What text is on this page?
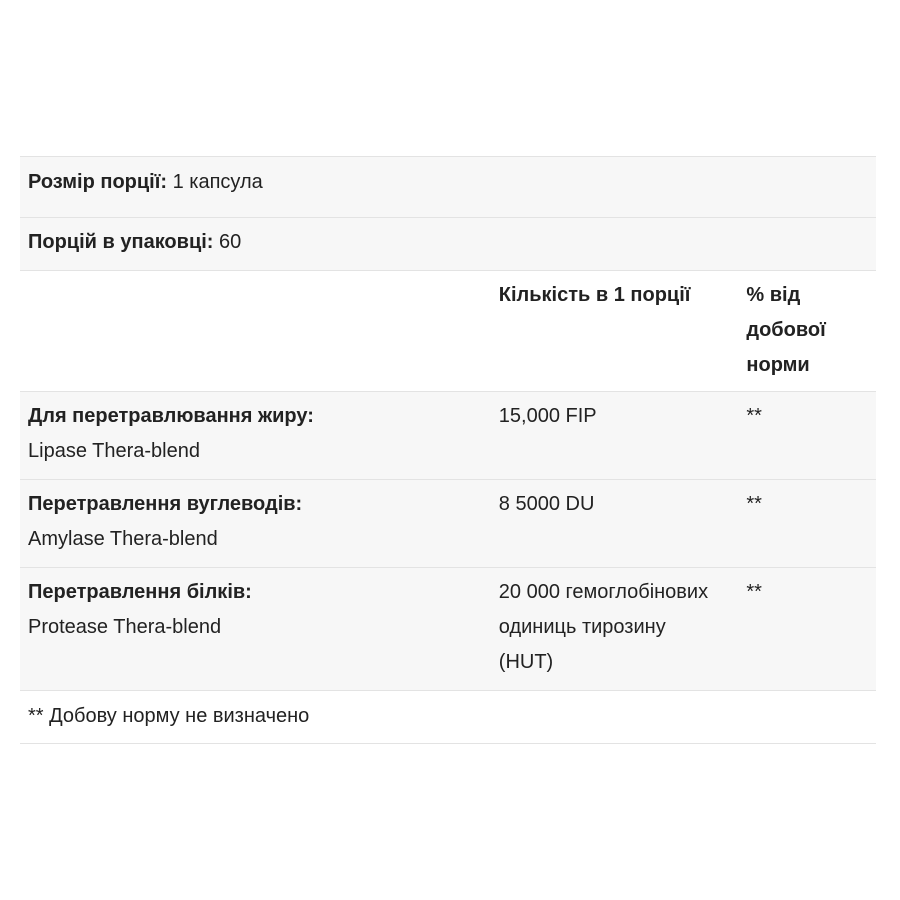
Розмір порції: 1 капсула		
Порцій в упаковці: 60		
	Кількість в 1 порції	% від
добової
норми

Для перетравлювання жиру:
Lipase Thera-blend	15,000 FIP	**

Перетравлення вуглеводів:
Amylase Thera-blend	8 5000 DU	**

Перетравлення білків:
Protease Thera-blend	20 000 гемоглобінових
одиниць тирозину
(HUT)	**
** Добову норму не визначено		
